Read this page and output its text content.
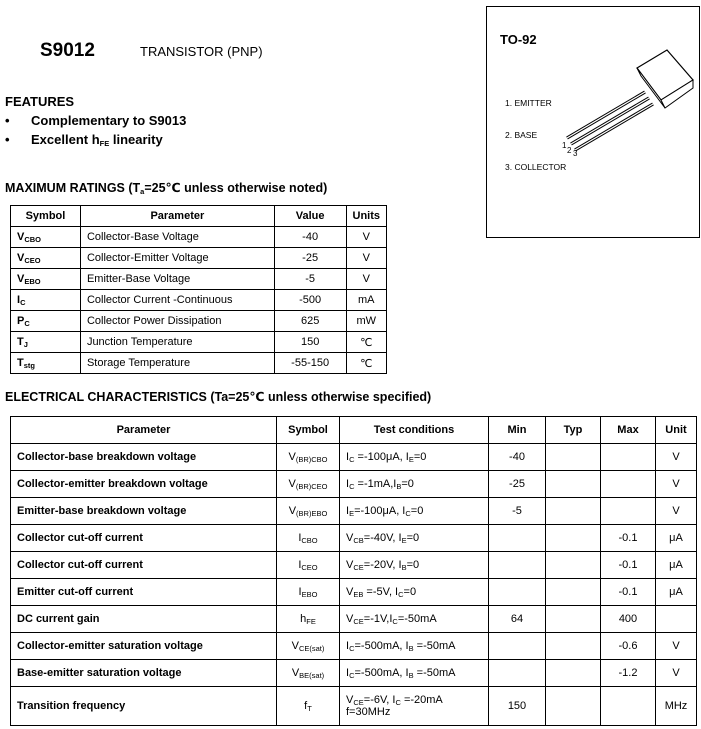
S9012	TRANSISTOR (PNP)
TO-92
1. EMITTER
2. BASE
3. COLLECTOR
1
2 3
FEATURES
• Complementary to S9013
• Excellent $h_{FE}$ linearity
MAXIMUM RATINGS ($T_a=25℃$ unless otherwise noted)
Symbol	Parameter	Value	Units
VCBO	Collector-Base Voltage	-40	V
VCEO	Collector-Emitter Voltage	-25	V
VEBO	Emitter-Base Voltage	-5	V
IC	Collector Current -Continuous	-500	mA
PC	Collector Power Dissipation	625	mW
TJ	Junction Temperature	150	℃
Tstg	Storage Temperature	-55-150	℃
ELECTRICAL CHARACTERISTICS (Ta=25℃ unless otherwise specified)
Parameter	Symbol	Test conditions	Min	Typ	Max	Unit
Collector-base breakdown voltage	V(BR)CBO	IC =-100μA, IE=0	-40			V
Collector-emitter breakdown voltage	V(BR)CEO	IC =-1mA,IB=0	-25			V
Emitter-base breakdown voltage	V(BR)EBO	IE=-100μA, IC=0	-5			V
Collector cut-off current	ICBO	VCB=-40V, IE=0			-0.1	μA
Collector cut-off current	ICEO	VCE=-20V, IB=0			-0.1	μA
Emitter cut-off current	IEBO	VEB =-5V, IC=0			-0.1	μA
DC current gain	hFE	VCE=-1V,IC=-50mA	64		400	
Collector-emitter saturation voltage	VCE(sat)	IC=-500mA, IB =-50mA			-0.6	V
Base-emitter saturation voltage	VBE(sat)	IC=-500mA, IB =-50mA			-1.2	V
Transition frequency	fT	VCE=-6V, IC =-20mA
f=30MHz	150			MHz
